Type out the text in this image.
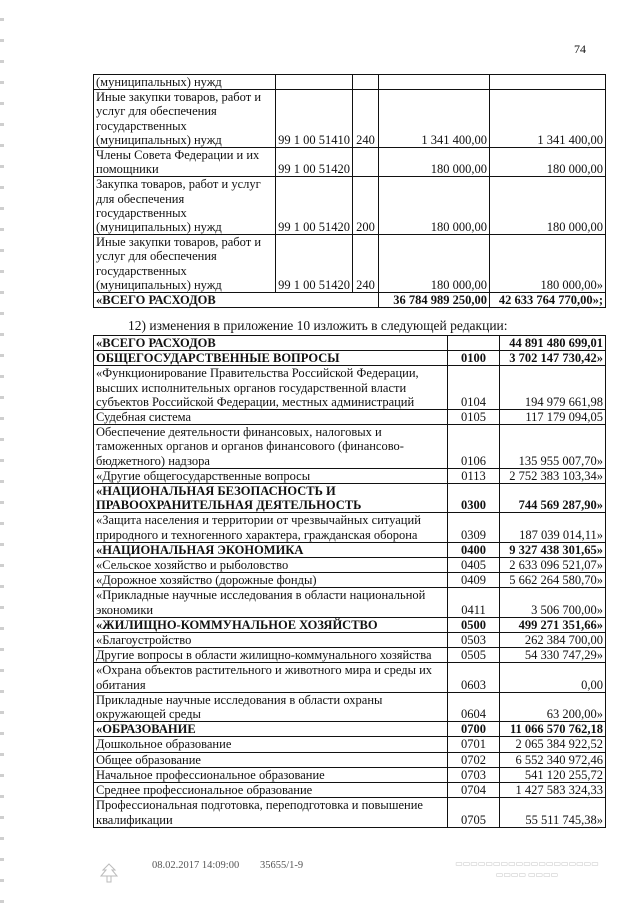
74
(муниципальных) нужд				
Иные закупки товаров, работ и услуг для обеспечения государственных (муниципальных) нужд	99 1 00 51410	240	1 341 400,00	1 341 400,00
Члены Совета Федерации и их помощники	99 1 00 51420		180 000,00	180 000,00
Закупка товаров, работ и услуг для обеспечения государственных (муниципальных) нужд	99 1 00 51420	200	180 000,00	180 000,00
Иные закупки товаров, работ и услуг для обеспечения государственных (муниципальных) нужд	99 1 00 51420	240	180 000,00	180 000,00»
«ВСЕГО РАСХОДОВ			36 784 989 250,00	42 633 764 770,00»;
12) изменения в приложение 10 изложить в следующей редакции:
«ВСЕГО РАСХОДОВ		44 891 480 699,01
ОБЩЕГОСУДАРСТВЕННЫЕ ВОПРОСЫ	0100	3 702 147 730,42»
«Функционирование Правительства Российской Федерации, высших исполнительных органов государственной власти субъектов Российской Федерации, местных администраций	0104	194 979 661,98
Судебная система	0105	117 179 094,05
Обеспечение деятельности финансовых, налоговых и таможенных органов и органов финансового (финансово-бюджетного) надзора	0106	135 955 007,70»
«Другие общегосударственные вопросы	0113	2 752 383 103,34»
«НАЦИОНАЛЬНАЯ БЕЗОПАСНОСТЬ И ПРАВООХРАНИТЕЛЬНАЯ ДЕЯТЕЛЬНОСТЬ	0300	744 569 287,90»
«Защита населения и территории от чрезвычайных ситуаций природного и техногенного характера, гражданская оборона	0309	187 039 014,11»
«НАЦИОНАЛЬНАЯ ЭКОНОМИКА	0400	9 327 438 301,65»
«Сельское хозяйство и рыболовство	0405	2 633 096 521,07»
«Дорожное хозяйство (дорожные фонды)	0409	5 662 264 580,70»
«Прикладные научные исследования в области национальной экономики	0411	3 506 700,00»
«ЖИЛИЩНО-КОММУНАЛЬНОЕ ХОЗЯЙСТВО	0500	499 271 351,66»
«Благоустройство	0503	262 384 700,00
Другие вопросы в области жилищно-коммунального хозяйства	0505	54 330 747,29»
«Охрана объектов растительного и животного мира и среды их обитания	0603	0,00
Прикладные научные исследования в области охраны окружающей среды	0604	63 200,00»
«ОБРАЗОВАНИЕ	0700	11 066 570 762,18
Дошкольное образование	0701	2 065 384 922,52
Общее образование	0702	6 552 340 972,46
Начальное профессиональное образование	0703	541 120 255,72
Среднее профессиональное образование	0704	1 427 583 324,33
Профессиональная подготовка, переподготовка и повышение квалификации	0705	55 511 745,38»
08.02.2017 14:09:00 35655/1-9	▭▭▭▭▭▭▭▭▭▭▭▭▭▭▭▭▭▭▭
▭▭▭▭ ▭▭▭▭
